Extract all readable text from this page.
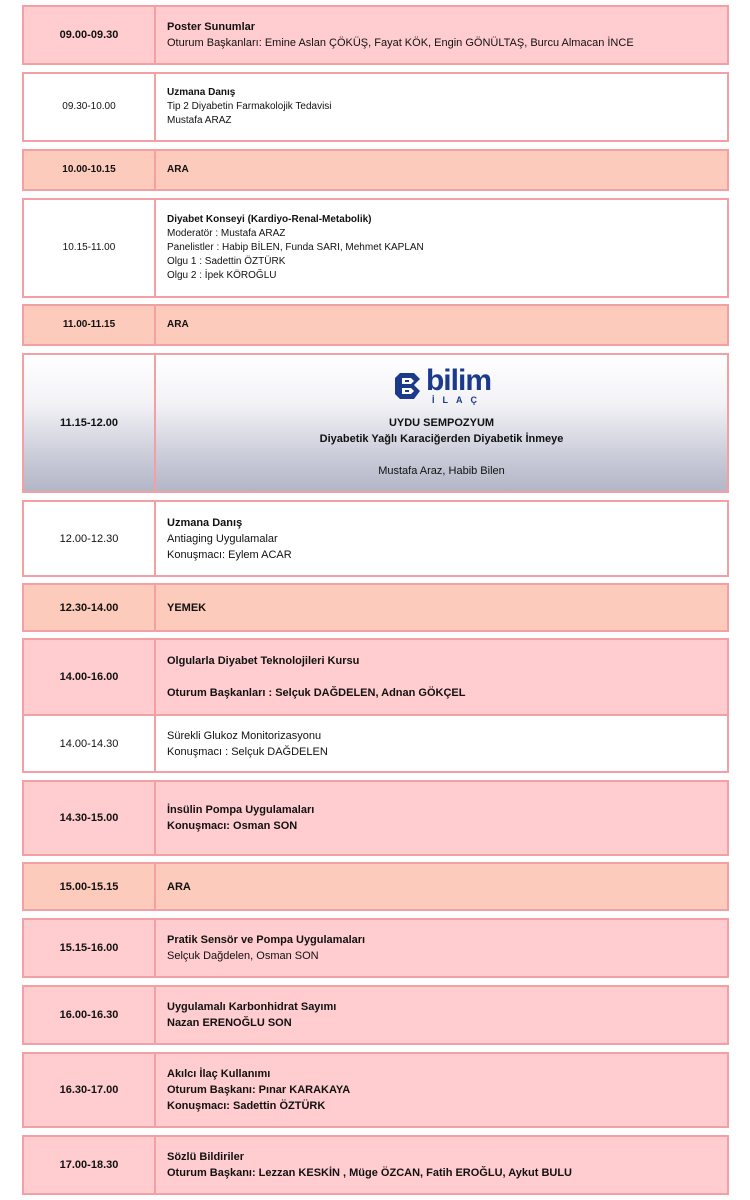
09.00-09.30
Poster Sunumlar
Oturum Başkanları: Emine Aslan ÇÖKÜŞ, Fayat KÖK, Engin GÖNÜLTAŞ, Burcu Almacan İNCE
09.30-10.00
Uzmana Danış
Tip 2 Diyabetin Farmakolojik Tedavisi
Mustafa ARAZ
10.00-10.15	ARA
10.15-11.00
Diyabet Konseyi (Kardiyo-Renal-Metabolik)
Moderatör : Mustafa ARAZ
Panelistler : Habip BİLEN, Funda SARI, Mehmet KAPLAN
Olgu 1 : Sadettin ÖZTÜRK
Olgu 2 : İpek KÖROĞLU
11.00-11.15	ARA
11.15-12.00
bilim
İLAÇ
UYDU SEMPOZYUM
Diyabetik Yağlı Karaciğerden Diyabetik İnmeye
Mustafa Araz, Habib Bilen
12.00-12.30
Uzmana Danış
Antiaging Uygulamalar
Konuşmacı: Eylem ACAR
12.30-14.00	YEMEK
14.00-16.00
Olgularla Diyabet Teknolojileri Kursu
Oturum Başkanları : Selçuk DAĞDELEN, Adnan GÖKÇEL
14.00-14.30
Sürekli Glukoz Monitorizasyonu
Konuşmacı : Selçuk DAĞDELEN
14.30-15.00
İnsülin Pompa Uygulamaları
Konuşmacı: Osman SON
15.00-15.15	ARA
15.15-16.00
Pratik Sensör ve Pompa Uygulamaları
Selçuk Dağdelen, Osman SON
16.00-16.30
Uygulamalı Karbonhidrat Sayımı
Nazan ERENOĞLU SON
16.30-17.00
Akılcı İlaç Kullanımı
Oturum Başkanı: Pınar KARAKAYA
Konuşmacı: Sadettin ÖZTÜRK
17.00-18.30
Sözlü Bildiriler
Oturum Başkanı: Lezzan KESKİN , Müge ÖZCAN, Fatih EROĞLU, Aykut BULU
